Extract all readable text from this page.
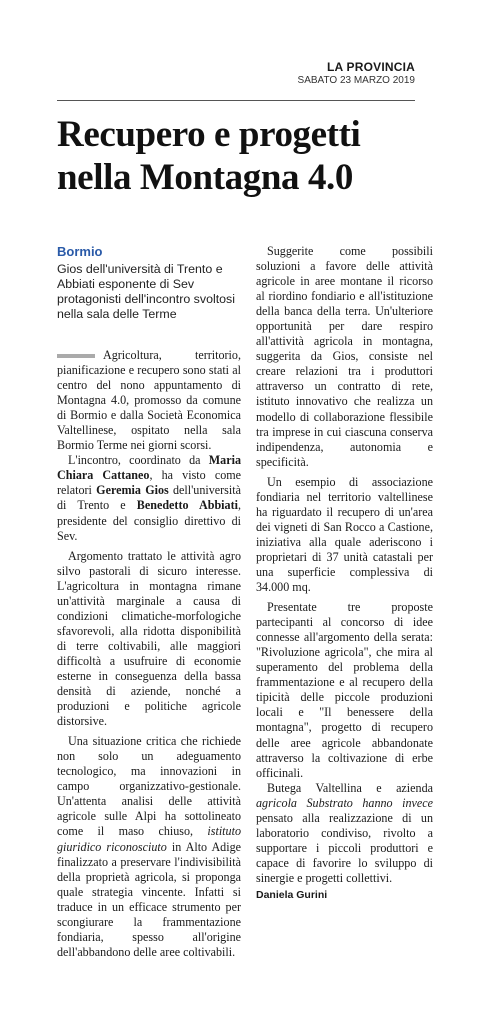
LA PROVINCIA
SABATO 23 MARZO 2019
Recupero e progetti nella Montagna 4.0
Bormio
Gios dell'università di Trento e Abbiati esponente di Sev protagonisti dell'incontro svoltosi nella sala delle Terme

Agricoltura, territorio, pianificazione e recupero sono stati al centro del nono appuntamento di Montagna 4.0, promosso da comune di Bormio e dalla Società Economica Valtellinese, ospitato nella sala Bormio Terme nei giorni scorsi.

L'incontro, coordinato da Maria Chiara Cattaneo, ha visto come relatori Geremia Gios dell'università di Trento e Benedetto Abbiati, presidente del consiglio direttivo di Sev.

Argomento trattato le attività agro silvo pastorali di sicuro interesse. L'agricoltura in montagna rimane un'attività marginale a causa di condizioni climatiche-morfologiche sfavorevoli, alla ridotta disponibilità di terre coltivabili, alle maggiori difficoltà a usufruire di economie esterne in conseguenza della bassa densità di aziende, nonché a produzioni e politiche agricole distorsive.

Una situazione critica che richiede non solo un adeguamento tecnologico, ma innovazioni in campo organizzativo-gestionale. Un'attenta analisi delle attività agricole sulle Alpi ha sottolineato come il maso chiuso, istituto giuridico riconosciuto in Alto Adige finalizzato a preservare l'indivisibilità della proprietà agricola, si proponga quale strategia vincente. Infatti si traduce in un efficace strumento per scongiurare la frammentazione fondiaria, spesso all'origine dell'abbandono delle aree coltivabili.

Suggerite come possibili soluzioni a favore delle attività agricole in aree montane il ricorso al riordino fondiario e all'istituzione della banca della terra. Un'ulteriore opportunità per dare respiro all'attività agricola in montagna, suggerita da Gios, consiste nel creare relazioni tra i produttori attraverso un contratto di rete, istituto innovativo che realizza un modello di collaborazione flessibile tra imprese in cui ciascuna conserva indipendenza, autonomia e specificità.

Un esempio di associazione fondiaria nel territorio valtellinese ha riguardato il recupero di un'area dei vigneti di San Rocco a Castione, iniziativa alla quale aderiscono i proprietari di 37 unità catastali per una superficie complessiva di 34.000 mq.

Presentate tre proposte partecipanti al concorso di idee connesse all'argomento della serata: "Rivoluzione agricola", che mira al superamento del problema della frammentazione e al recupero della tipicità delle piccole produzioni locali e "Il benessere della montagna", progetto di recupero delle aree agricole abbandonate attraverso la coltivazione di erbe officinali.

Butega Valtellina e azienda agricola Substrato hanno invece pensato alla realizzazione di un laboratorio condiviso, rivolto a supportare i piccoli produttori e capace di favorire lo sviluppo di sinergie e progetti collettivi.

Daniela Gurini
